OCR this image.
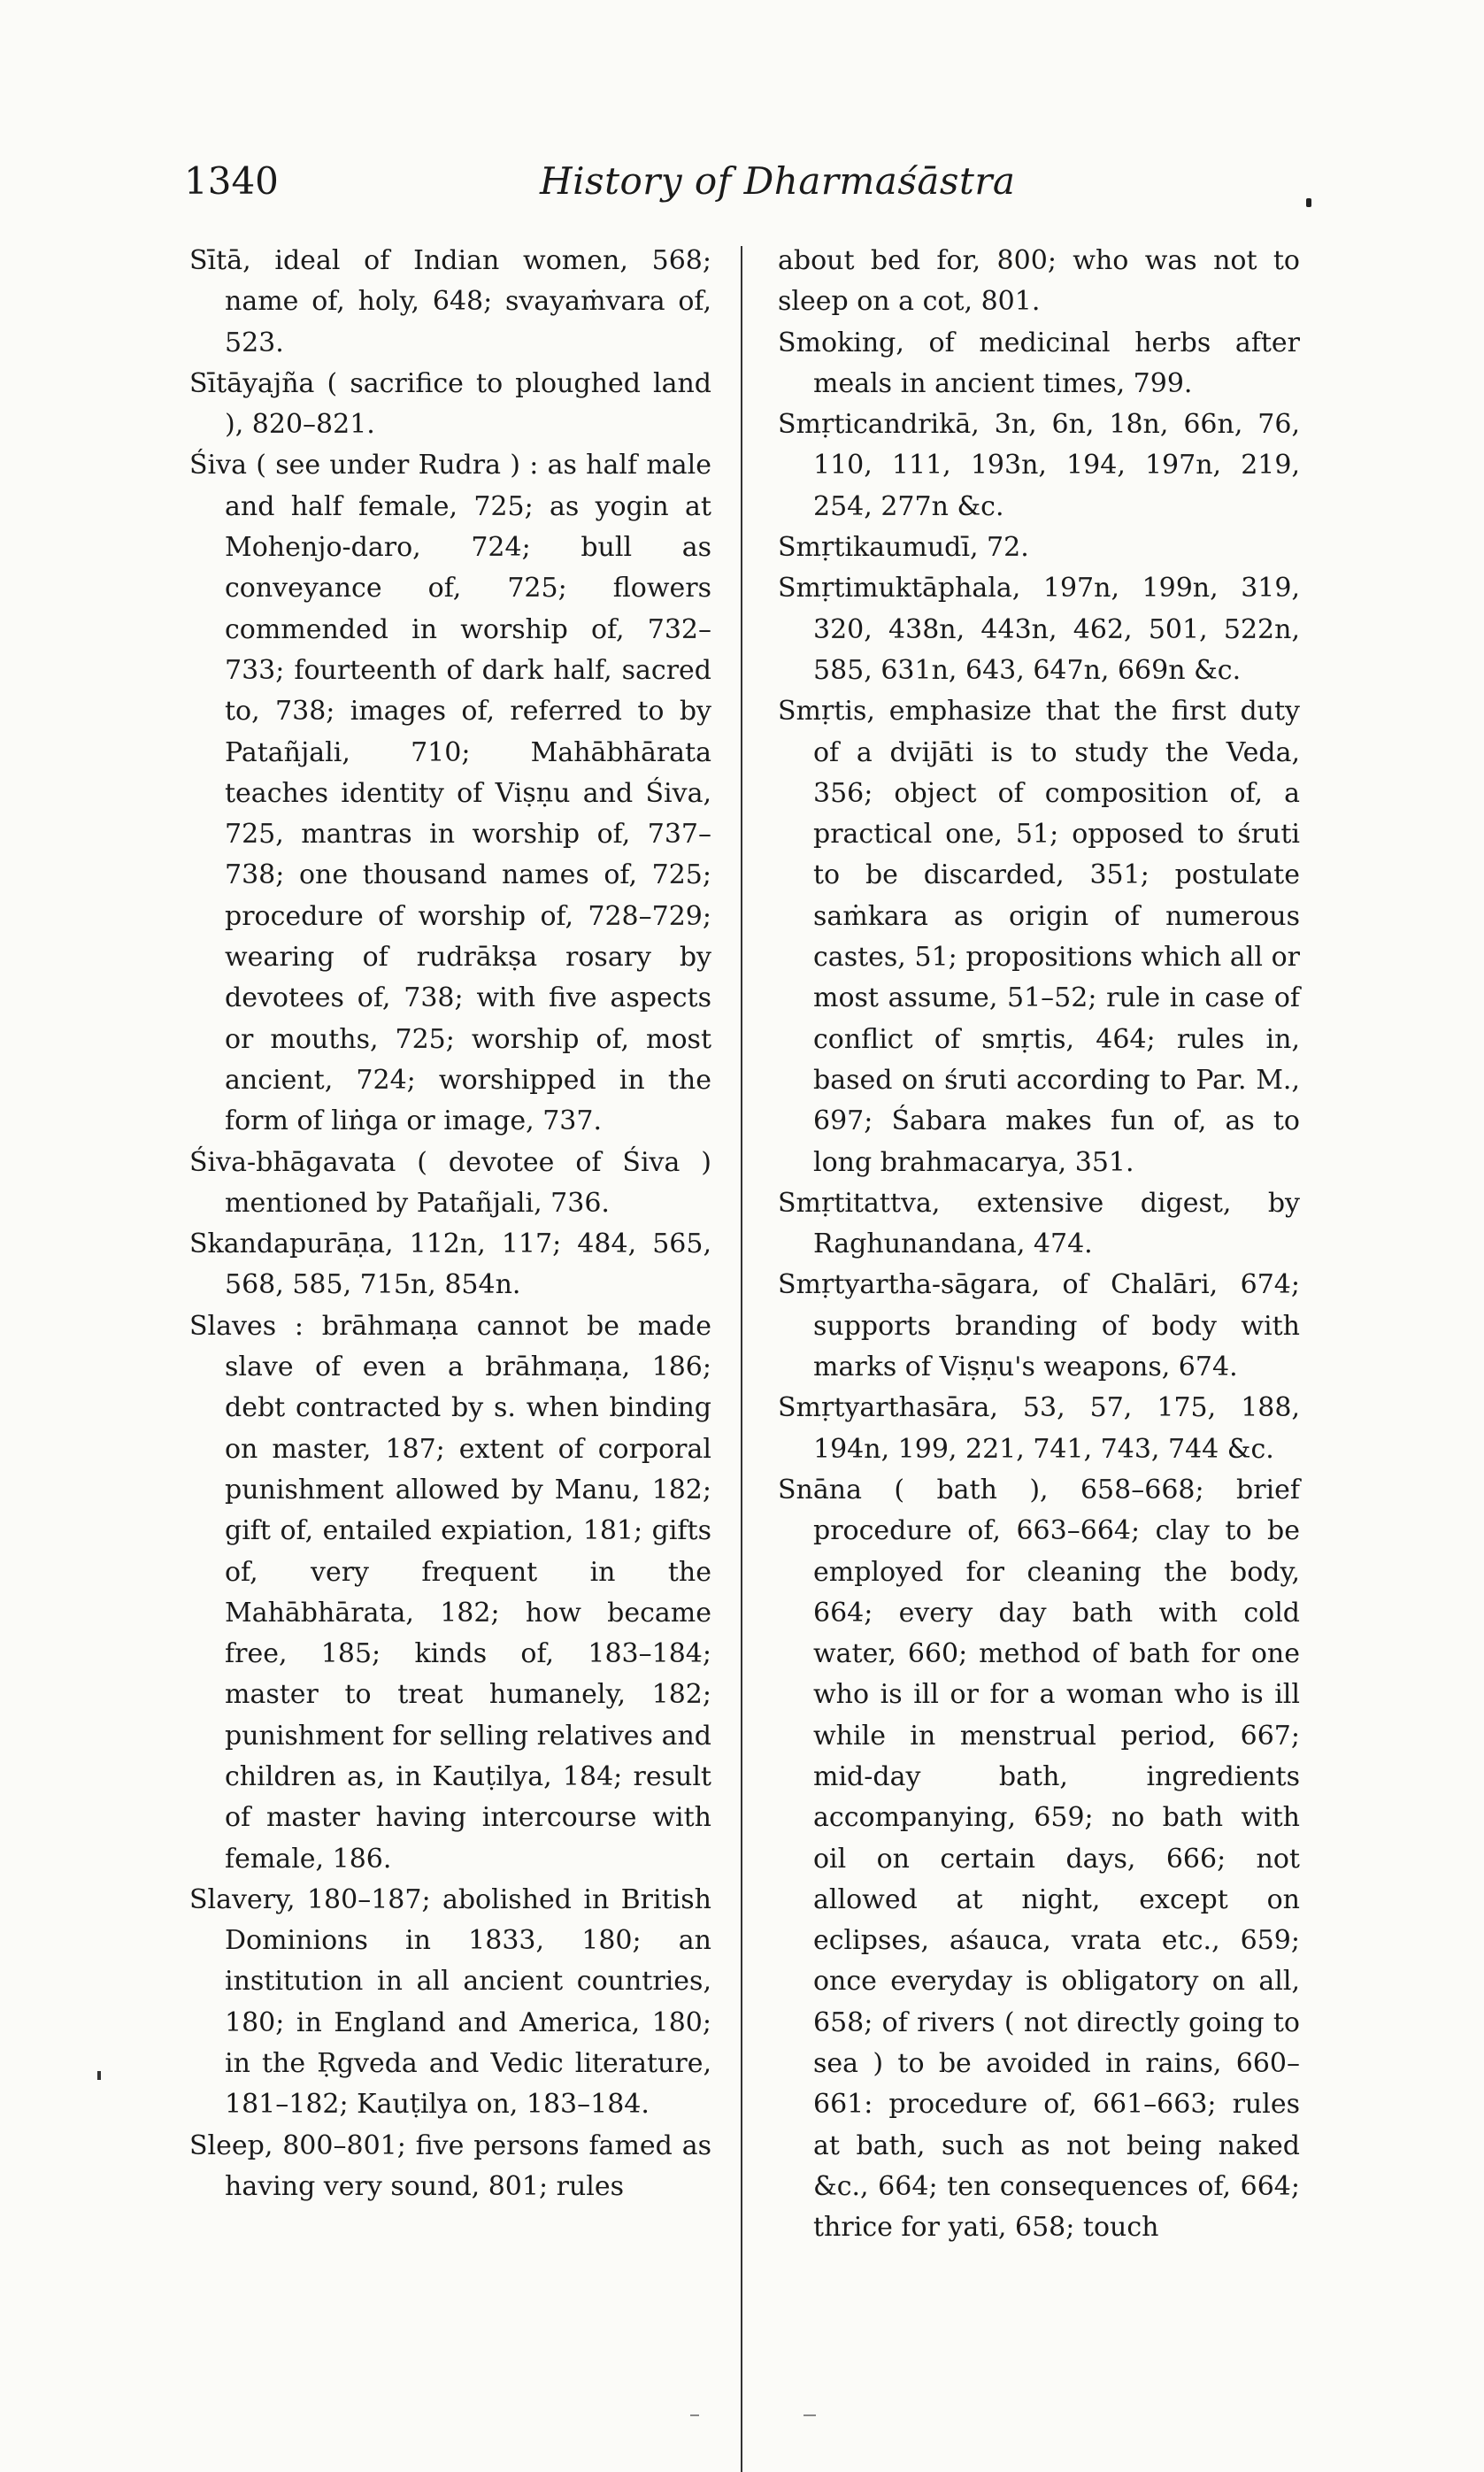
1340	History of Dharmaśāstra

Sītā, ideal of Indian women, 568; name of, holy, 648; svayaṁvara of, 523.

Sītāyajña ( sacrifice to ploughed land ), 820–821.

Śiva ( see under Rudra ) : as half male and half female, 725; as yogin at Mohenjo-daro, 724; bull as conveyance of, 725; flowers commended in worship of, 732–733; fourteenth of dark half, sacred to, 738; images of, referred to by Patañjali, 710; Mahābhārata teaches identity of Viṣṇu and Śiva, 725, mantras in worship of, 737–738; one thousand names of, 725; procedure of worship of, 728–729; wearing of rudrākṣa rosary by devotees of, 738; with five aspects or mouths, 725; worship of, most ancient, 724; worshipped in the form of liṅga or image, 737.

Śiva-bhāgavata ( devotee of Śiva ) mentioned by Patañjali, 736.

Skandapurāṇa, 112n, 117; 484, 565, 568, 585, 715n, 854n.

Slaves : brāhmaṇa cannot be made slave of even a brāhmaṇa, 186; debt contracted by s. when binding on master, 187; extent of corporal punishment allowed by Manu, 182; gift of, entailed expiation, 181; gifts of, very frequent in the Mahābhārata, 182; how became free, 185; kinds of, 183–184; master to treat humanely, 182; punishment for selling relatives and children as, in Kauṭilya, 184; result of master having intercourse with female, 186.

Slavery, 180–187; abolished in British Dominions in 1833, 180; an institution in all ancient countries, 180; in England and America, 180; in the Ṛgveda and Vedic literature, 181–182; Kauṭilya on, 183–184.

Sleep, 800–801; five persons famed as having very sound, 801; rules

about bed for, 800; who was not to sleep on a cot, 801.

Smoking, of medicinal herbs after meals in ancient times, 799.

Smṛticandrikā, 3n, 6n, 18n, 66n, 76, 110, 111, 193n, 194, 197n, 219, 254, 277n &c.

Smṛtikaumudī, 72.

Smṛtimuktāphala, 197n, 199n, 319, 320, 438n, 443n, 462, 501, 522n, 585, 631n, 643, 647n, 669n &c.

Smṛtis, emphasize that the first duty of a dvijāti is to study the Veda, 356; object of composition of, a practical one, 51; opposed to śruti to be discarded, 351; postulate saṁkara as origin of numerous castes, 51; propositions which all or most assume, 51–52; rule in case of conflict of smṛtis, 464; rules in, based on śruti according to Par. M., 697; Śabara makes fun of, as to long brahmacarya, 351.

Smṛtitattva, extensive digest, by Raghunandana, 474.

Smṛtyartha-sāgara, of Chalāri, 674; supports branding of body with marks of Viṣṇu's weapons, 674.

Smṛtyarthasāra, 53, 57, 175, 188, 194n, 199, 221, 741, 743, 744 &c.

Snāna ( bath ), 658–668; brief procedure of, 663–664; clay to be employed for cleaning the body, 664; every day bath with cold water, 660; method of bath for one who is ill or for a woman who is ill while in menstrual period, 667; mid-day bath, ingredients accompanying, 659; no bath with oil on certain days, 666; not allowed at night, except on eclipses, aśauca, vrata etc., 659; once everyday is obligatory on all, 658; of rivers ( not directly going to sea ) to be avoided in rains, 660–661: procedure of, 661–663; rules at bath, such as not being naked &c., 664; ten consequences of, 664; thrice for yati, 658; touch
